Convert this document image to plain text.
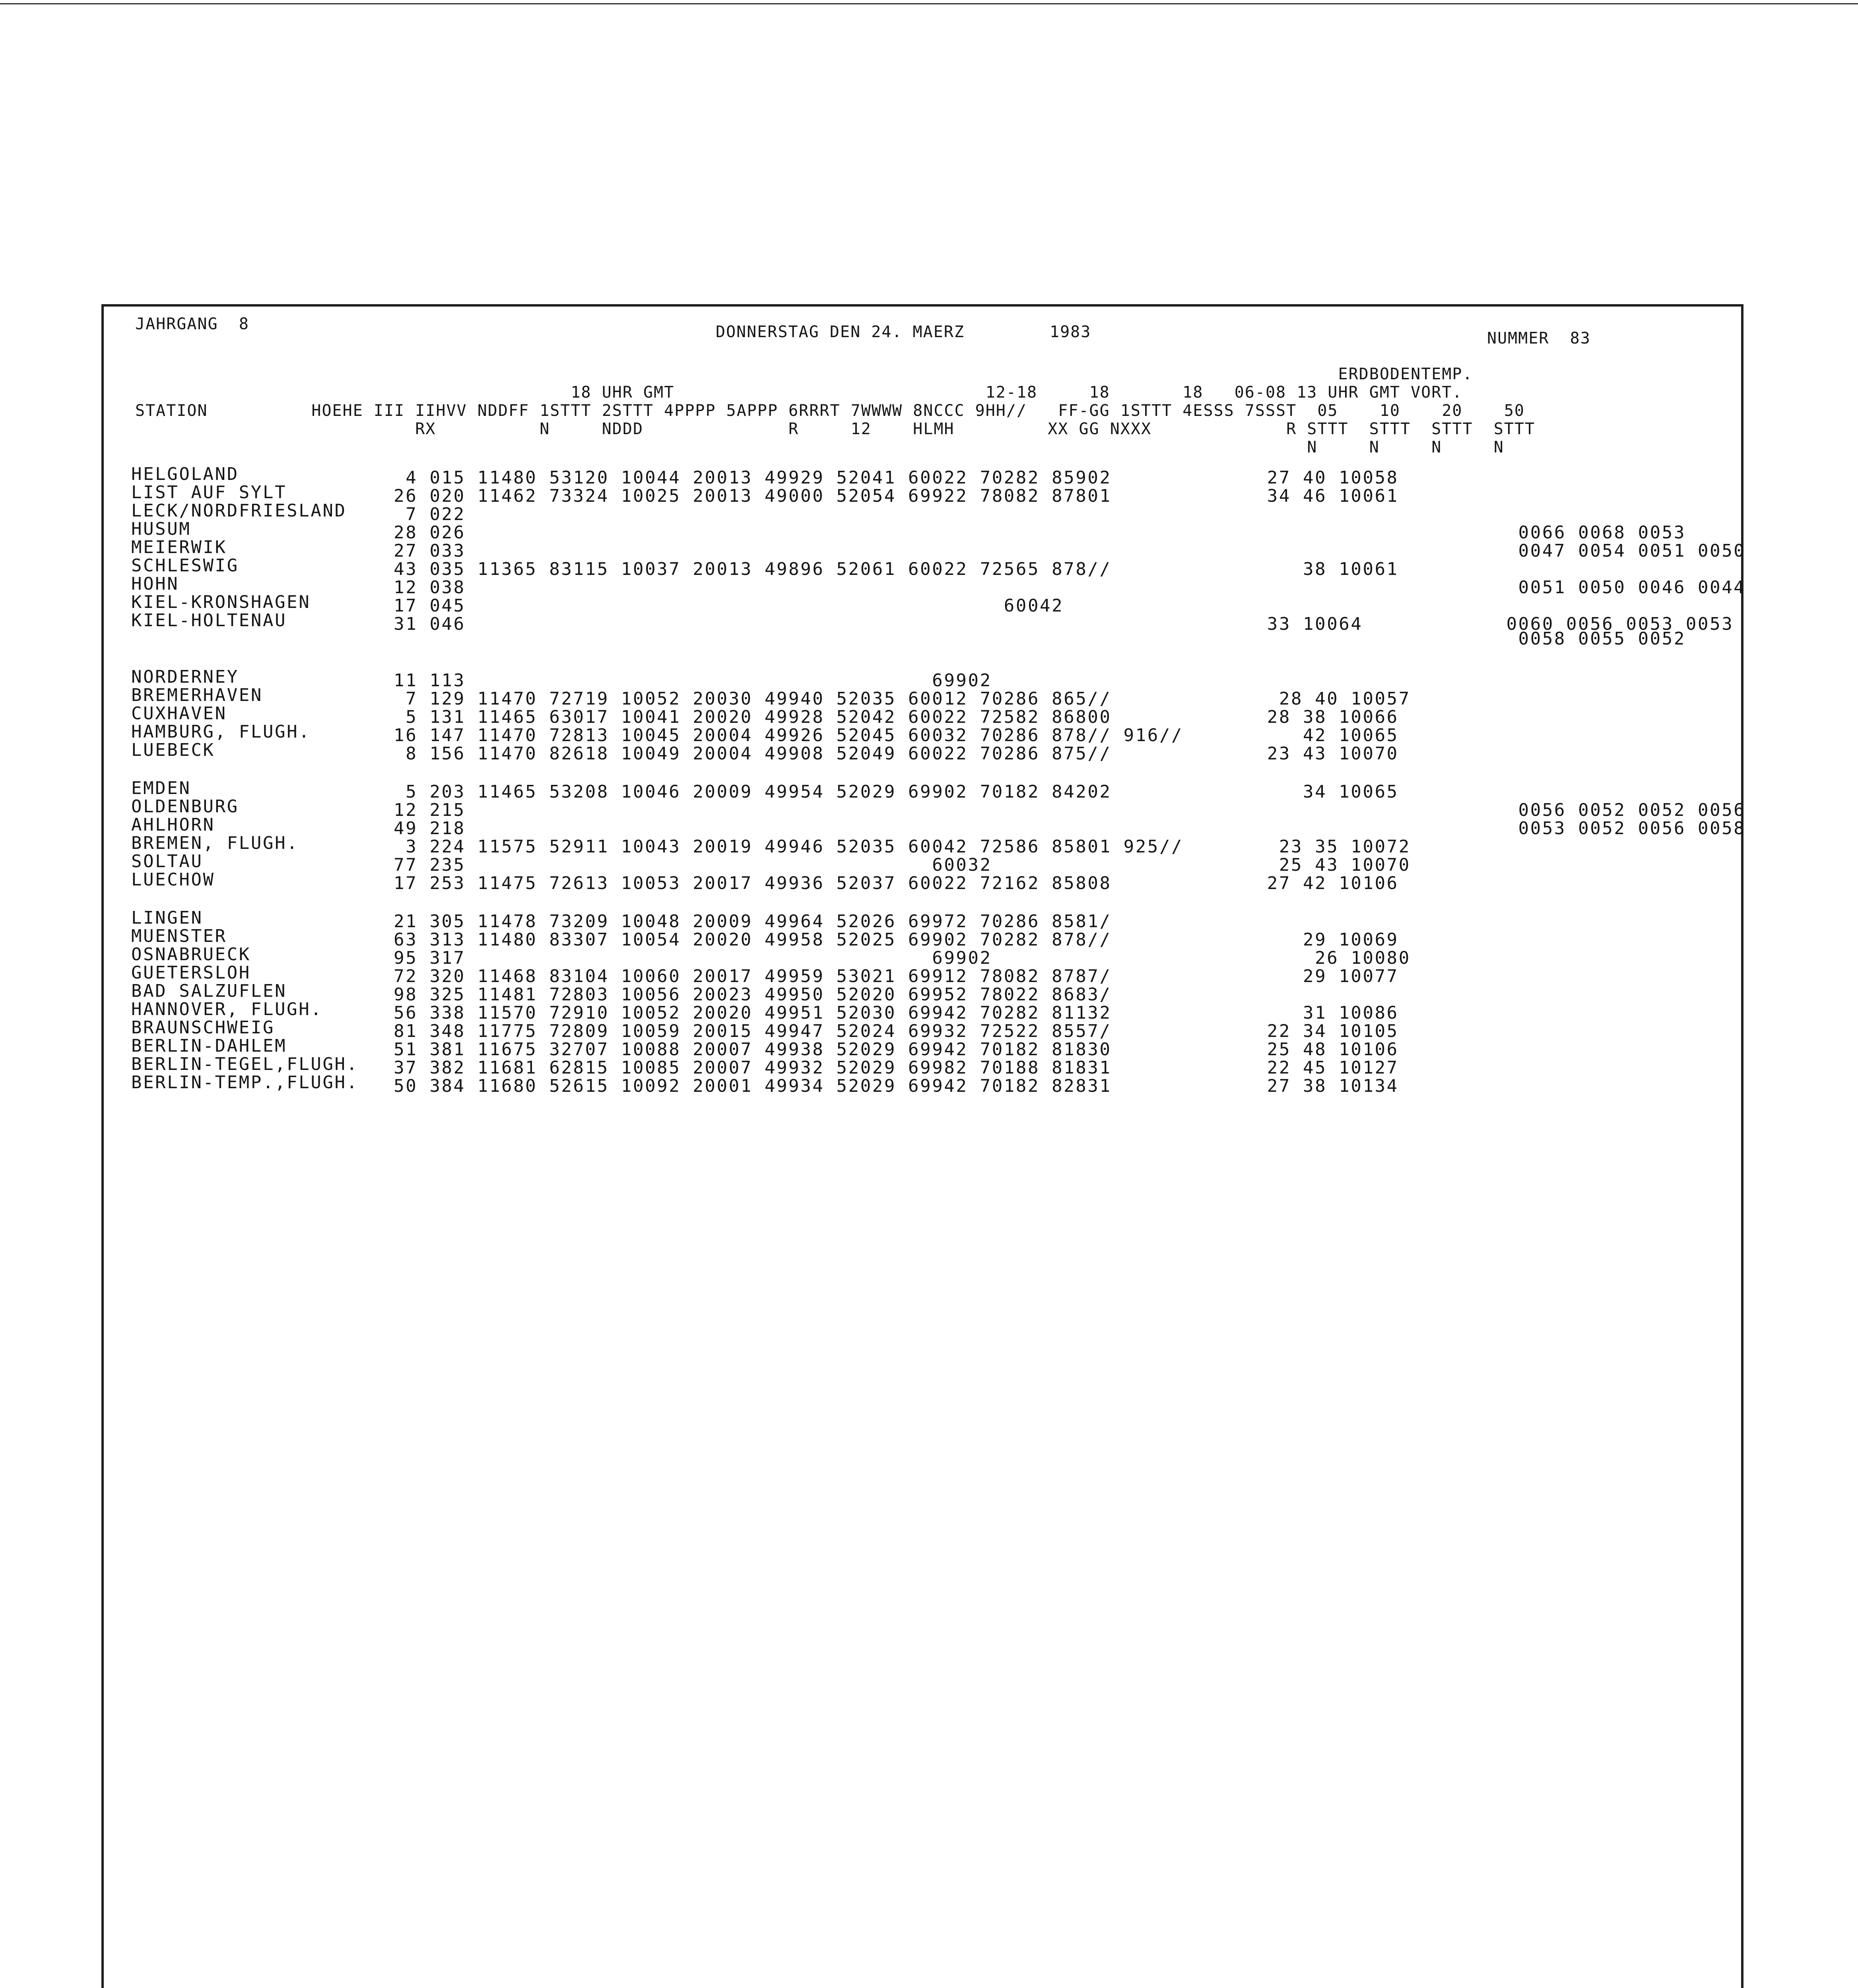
JAHRGANG  8	DONNERSTAG DEN 24. MAERZ	1983	NUMMER  83
ERDBODENTEMP.
18 UHR GMT                              12-18     18       18   06-08 13 UHR GMT VORT.
STATION          HOEHE III IIHVV NDDFF 1STTT 2STTT 4PPPP 5APPP 6RRRT 7WWWW 8NCCC 9HH//   FF-GG 1STTT 4ESSS 7SSST  05    10    20    50
RX          N     NDDD              R     12    HLMH         XX GG NXXX             R STTT  STTT  STTT  STTT
N     N     N     N
HELGOLAND	4 015 11480 53120 10044 20013 49929 52041 60022 70282 85902             27 40 10058
LIST AUF SYLT	26 020 11462 73324 10025 20013 49000 52054 69922 78082 87801             34 46 10061
LECK/NORDFRIESLAND   7 022
HUSUM	28 026                                                                                        0066 0068 0053
MEIERWIK	27 033                                                                                        0047 0054 0051 0050
SCHLESWIG	43 035 11365 83115 10037 20013 49896 52061 60022 72565 878//                38 10061
HOHN	12 038                                                                                        0051 0050 0046 0044
KIEL-KRONSHAGEN	17 045                                             60042
KIEL-HOLTENAU	31 046                                                                   33 10064            0060 0056 0053 0053
0058 0055 0052
NORDERNEY	11 113                                       69902
BREMERHAVEN	7 129 11470 72719 10052 20030 49940 52035 60012 70286 865//              28 40 10057
CUXHAVEN	5 131 11465 63017 10041 20020 49928 52042 60022 72582 86800             28 38 10066
HAMBURG, FLUGH.	16 147 11470 72813 10045 20004 49926 52045 60032 70286 878// 916//          42 10065
LUEBECK	8 156 11470 82618 10049 20004 49908 52049 60022 70286 875//             23 43 10070
EMDEN	5 203 11465 53208 10046 20009 49954 52029 69902 70182 84202                34 10065
OLDENBURG	12 215                                                                                        0056 0052 0052 0056
AHLHORN	49 218                                                                                        0053 0052 0056 0058
BREMEN, FLUGH.	3 224 11575 52911 10043 20019 49946 52035 60042 72586 85801 925//        23 35 10072
SOLTAU	77 235                                       60032                        25 43 10070
LUECHOW	17 253 11475 72613 10053 20017 49936 52037 60022 72162 85808             27 42 10106
LINGEN	21 305 11478 73209 10048 20009 49964 52026 69972 70286 8581/
MUENSTER	63 313 11480 83307 10054 20020 49958 52025 69902 70282 878//                29 10069
OSNABRUECK	95 317                                       69902                           26 10080
GUETERSLOH	72 320 11468 83104 10060 20017 49959 53021 69912 78082 8787/                29 10077
BAD SALZUFLEN	98 325 11481 72803 10056 20023 49950 52020 69952 78022 8683/
HANNOVER, FLUGH.	56 338 11570 72910 10052 20020 49951 52030 69942 70282 81132                31 10086
BRAUNSCHWEIG	81 348 11775 72809 10059 20015 49947 52024 69932 72522 8557/             22 34 10105
BERLIN-DAHLEM	51 381 11675 32707 10088 20007 49938 52029 69942 70182 81830             25 48 10106
BERLIN-TEGEL,FLUGH.  37 382 11681 62815 10085 20007 49932 52029 69982 70188 81831             22 45 10127
BERLIN-TEMP.,FLUGH.  50 384 11680 52615 10092 20001 49934 52029 69942 70182 82831             27 38 10134
